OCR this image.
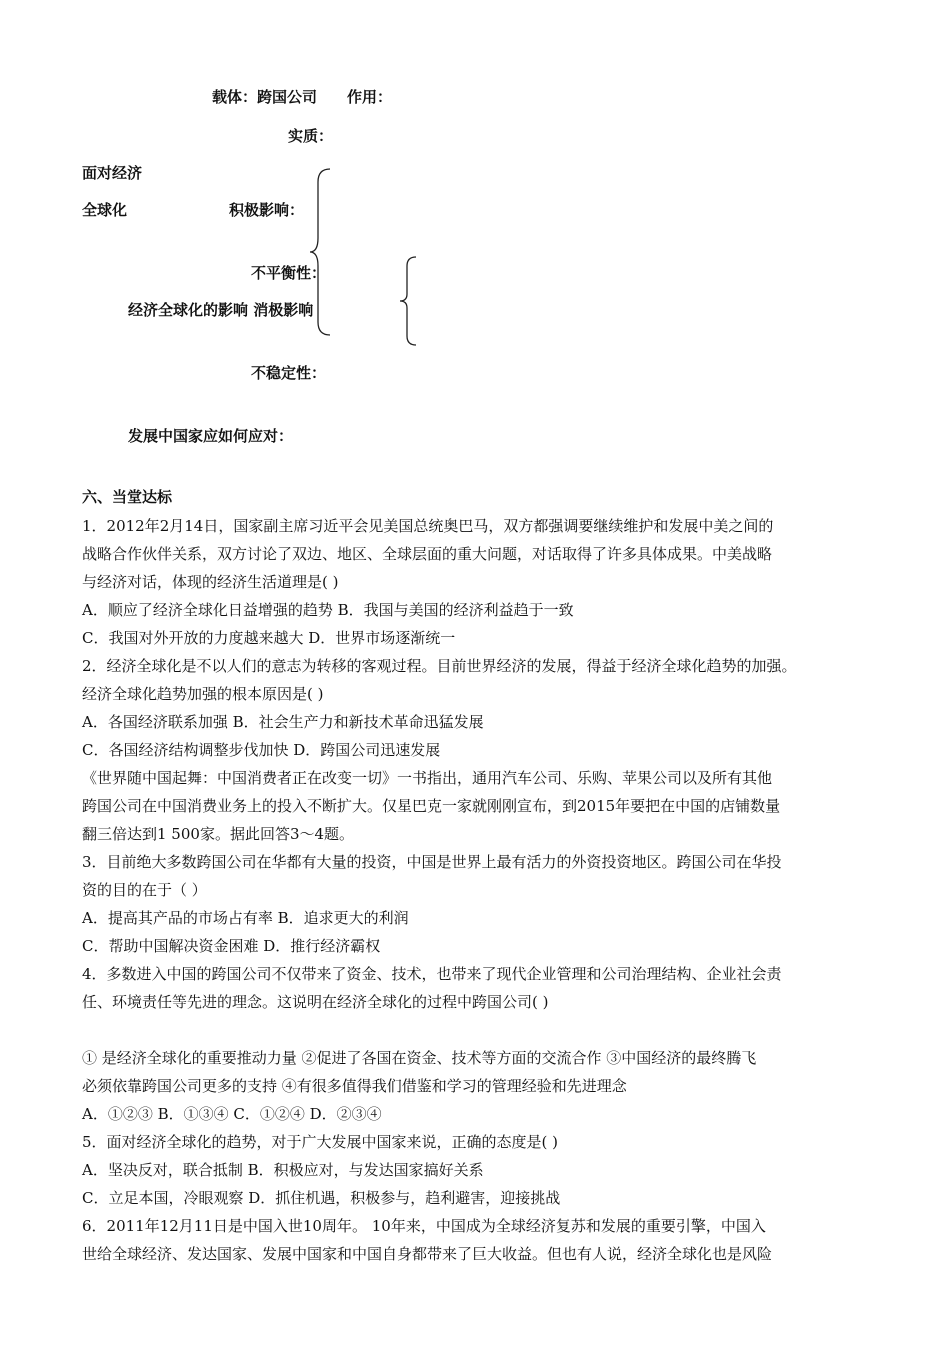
载体：跨国公司 作用：
实质：
面对经济
全球化	积极影响：
不平衡性：
经济全球化的影响 消极影响
不稳定性：
发展中国家应如何应对：
六、当堂达标
1．2012年2月14日，国家副主席习近平会见美国总统奥巴马，双方都强调要继续维护和发展中美之间的
战略合作伙伴关系，双方讨论了双边、地区、全球层面的重大问题，对话取得了许多具体成果。中美战略
与经济对话，体现的经济生活道理是( )
A．顺应了经济全球化日益增强的趋势 B．我国与美国的经济利益趋于一致
C．我国对外开放的力度越来越大 D．世界市场逐渐统一
2．经济全球化是不以人们的意志为转移的客观过程。目前世界经济的发展，得益于经济全球化趋势的加强。
经济全球化趋势加强的根本原因是( )
A．各国经济联系加强 B．社会生产力和新技术革命迅猛发展
C．各国经济结构调整步伐加快 D．跨国公司迅速发展
《世界随中国起舞：中国消费者正在改变一切》一书指出，通用汽车公司、乐购、苹果公司以及所有其他
跨国公司在中国消费业务上的投入不断扩大。仅星巴克一家就刚刚宣布，到2015年要把在中国的店铺数量
翻三倍达到1 500家。据此回答3～4题。
3．目前绝大多数跨国公司在华都有大量的投资，中国是世界上最有活力的外资投资地区。跨国公司在华投
资的目的在于（ ）
A．提高其产品的市场占有率 B．追求更大的利润
C．帮助中国解决资金困难 D．推行经济霸权
4．多数进入中国的跨国公司不仅带来了资金、技术，也带来了现代企业管理和公司治理结构、企业社会责
任、环境责任等先进的理念。这说明在经济全球化的过程中跨国公司( )
① 是经济全球化的重要推动力量 ②促进了各国在资金、技术等方面的交流合作 ③中国经济的最终腾飞
必须依靠跨国公司更多的支持 ④有很多值得我们借鉴和学习的管理经验和先进理念
A．①②③ B．①③④ C．①②④ D．②③④
5．面对经济全球化的趋势，对于广大发展中国家来说，正确的态度是( )
A．坚决反对，联合抵制 B．积极应对，与发达国家搞好关系
C．立足本国，冷眼观察 D．抓住机遇，积极参与，趋利避害，迎接挑战
6．2011年12月11日是中国入世10周年。 10年来，中国成为全球经济复苏和发展的重要引擎，中国入
世给全球经济、发达国家、发展中国家和中国自身都带来了巨大收益。但也有人说，经济全球化也是风险
